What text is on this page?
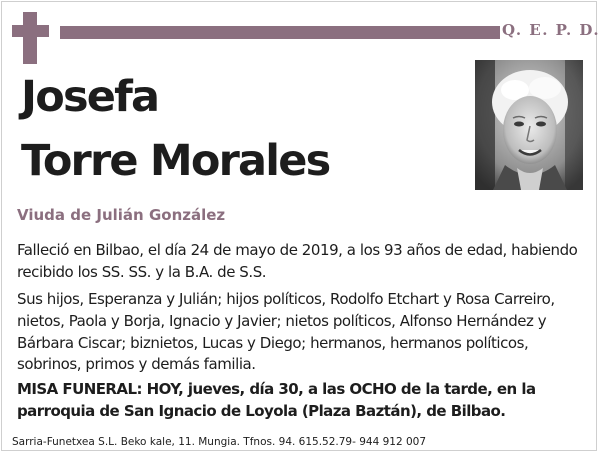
Q. E. P. D.
Josefa
Torre Morales
Viuda de Julián González

Falleció en Bilbao, el día 24 de mayo de 2019, a los 93 años de edad, habiendo recibido los SS. SS. y la B.A. de S.S.

Sus hijos, Esperanza y Julián; hijos políticos, Rodolfo Etchart y Rosa Carreiro, nietos, Paola y Borja, Ignacio y Javier; nietos políticos, Alfonso Hernández y Bárbara Ciscar; biznietos, Lucas y Diego; hermanos, hermanos políticos, sobrinos, primos y demás familia.

MISA FUNERAL: HOY, jueves, día 30, a las OCHO de la tarde, en la parroquia de San Ignacio de Loyola (Plaza Baztán), de Bilbao.

Sarria-Funetxea S.L. Beko kale, 11. Mungia. Tfnos. 94. 615.52.79- 944 912 007
